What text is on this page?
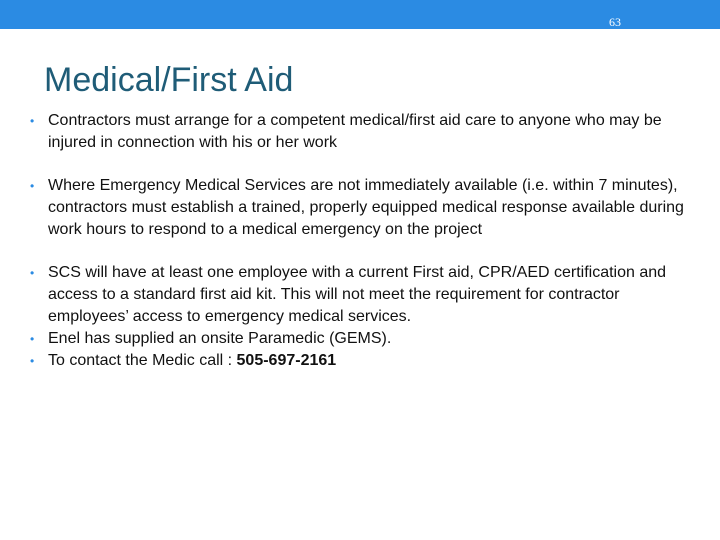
63
Medical/First Aid
• Contractors must arrange for a competent medical/first aid care to anyone who may be injured in connection with his or her work
• Where Emergency Medical Services are not immediately available (i.e. within 7 minutes), contractors must establish a trained, properly equipped medical response available during work hours to respond to a medical emergency on the project
• SCS will have at least one employee with a current First aid, CPR/AED certification and access to a standard first aid kit. This will not meet the requirement for contractor employees’ access to emergency medical services.
• Enel has supplied an onsite Paramedic (GEMS).
• To contact the Medic call : 505-697-2161
